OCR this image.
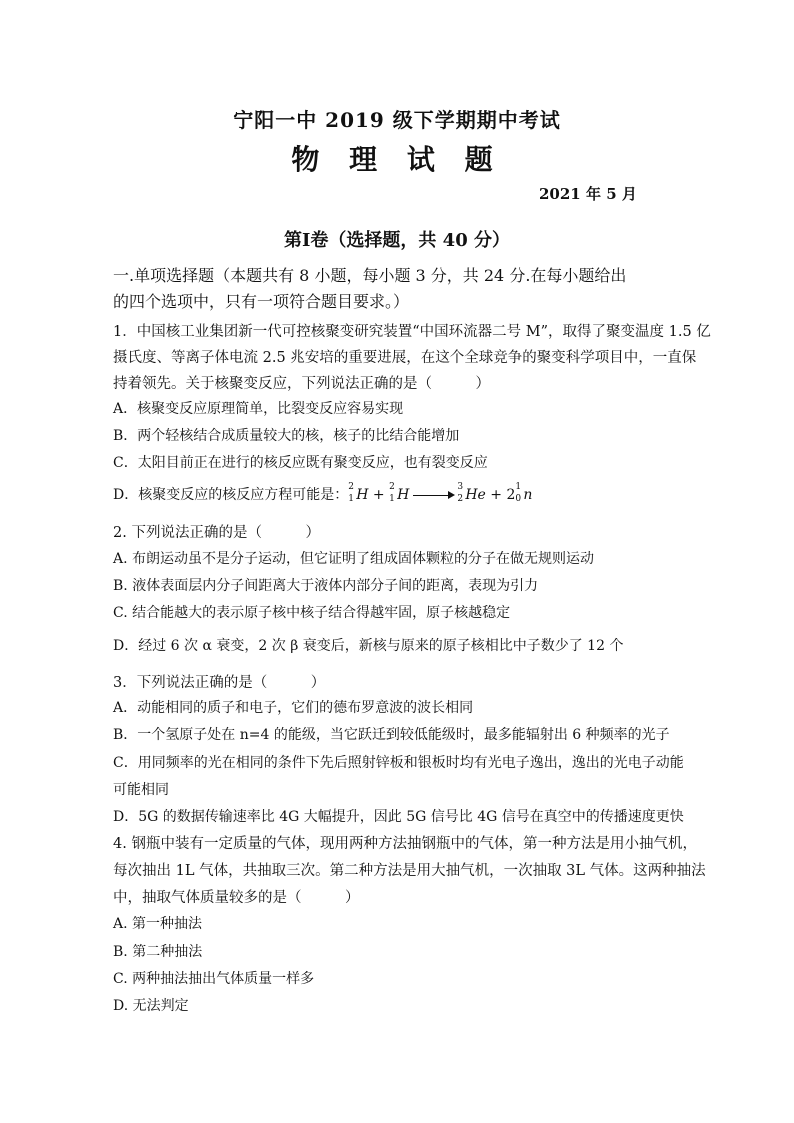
宁阳一中 2019 级下学期期中考试
物 理 试 题
2021 年 5 月
第Ⅰ卷（选择题，共 40 分）
一.单项选择题（本题共有 8 小题，每小题 3 分，共 24 分.在每小题给出
的四个选项中，只有一项符合题目要求。）
1．中国核工业集团新一代可控核聚变研究装置“中国环流器二号 M”，取得了聚变温度 1.5 亿
摄氏度、等离子体电流 2.5 兆安培的重要进展，在这个全球竞争的聚变科学项目中，一直保
持着领先。关于核聚变反应，下列说法正确的是（　　　）
A．核聚变反应原理简单，比裂变反应容易实现
B．两个轻核结合成质量较大的核，核子的比结合能增加
C．太阳目前正在进行的核反应既有聚变反应，也有裂变反应
D．核聚变反应的核反应方程可能是： 2
1 H + 2
1 H →
3
2 He + 2 1
0 n
2. 下列说法正确的是（　　　）
A. 布朗运动虽不是分子运动，但它证明了组成固体颗粒的分子在做无规则运动
B. 液体表面层内分子间距离大于液体内部分子间的距离，表现为引力
C. 结合能越大的表示原子核中核子结合得越牢固，原子核越稳定
D．经过 6 次 α 衰变，2 次 β 衰变后，新核与原来的原子核相比中子数少了 12 个
3．下列说法正确的是（　　　）
A．动能相同的质子和电子，它们的德布罗意波的波长相同
B．一个氢原子处在 n=4 的能级，当它跃迁到较低能级时，最多能辐射出 6 种频率的光子
C．用同频率的光在相同的条件下先后照射锌板和银板时均有光电子逸出，逸出的光电子动能
可能相同
D．5G 的数据传输速率比 4G 大幅提升，因此 5G 信号比 4G 信号在真空中的传播速度更快
4. 钢瓶中装有一定质量的气体，现用两种方法抽钢瓶中的气体，第一种方法是用小抽气机，
每次抽出 1L 气体，共抽取三次。第二种方法是用大抽气机，一次抽取 3L 气体。这两种抽法
中，抽取气体质量较多的是（　　　）
A. 第一种抽法
B. 第二种抽法
C. 两种抽法抽出气体质量一样多
D. 无法判定
